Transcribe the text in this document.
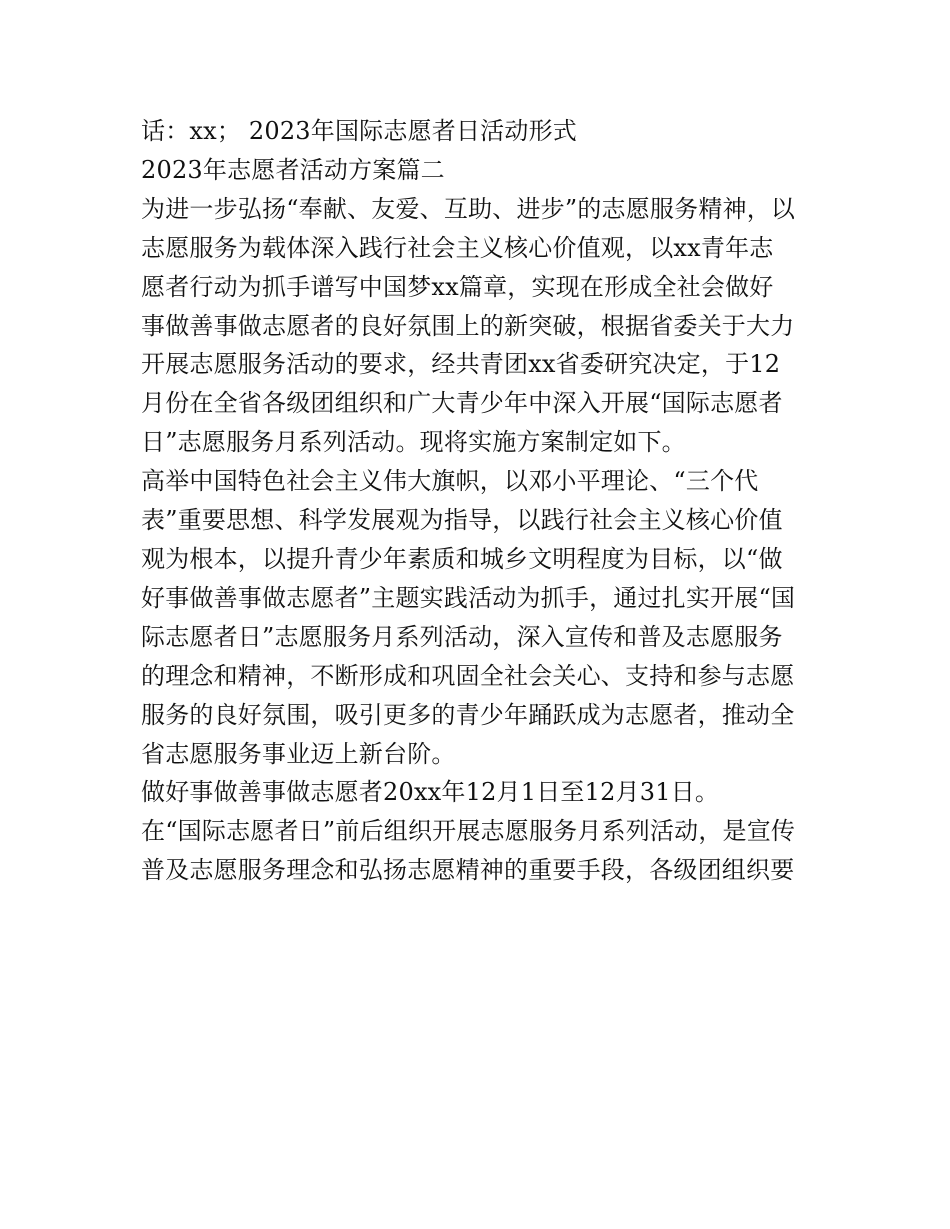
话：xx； 2023年国际志愿者日活动形式
2023年志愿者活动方案篇二
为进一步弘扬“奉献、友爱、互助、进步”的志愿服务精神，以
志愿服务为载体深入践行社会主义核心价值观，以xx青年志
愿者行动为抓手谱写中国梦xx篇章，实现在形成全社会做好
事做善事做志愿者的良好氛围上的新突破，根据省委关于大力
开展志愿服务活动的要求，经共青团xx省委研究决定，于12
月份在全省各级团组织和广大青少年中深入开展“国际志愿者
日”志愿服务月系列活动。现将实施方案制定如下。
高举中国特色社会主义伟大旗帜，以邓小平理论、“三个代
表”重要思想、科学发展观为指导，以践行社会主义核心价值
观为根本，以提升青少年素质和城乡文明程度为目标，以“做
好事做善事做志愿者”主题实践活动为抓手，通过扎实开展“国
际志愿者日”志愿服务月系列活动，深入宣传和普及志愿服务
的理念和精神，不断形成和巩固全社会关心、支持和参与志愿
服务的良好氛围，吸引更多的青少年踊跃成为志愿者，推动全
省志愿服务事业迈上新台阶。
做好事做善事做志愿者20xx年12月1日至12月31日。
在“国际志愿者日”前后组织开展志愿服务月系列活动，是宣传
普及志愿服务理念和弘扬志愿精神的重要手段，各级团组织要
